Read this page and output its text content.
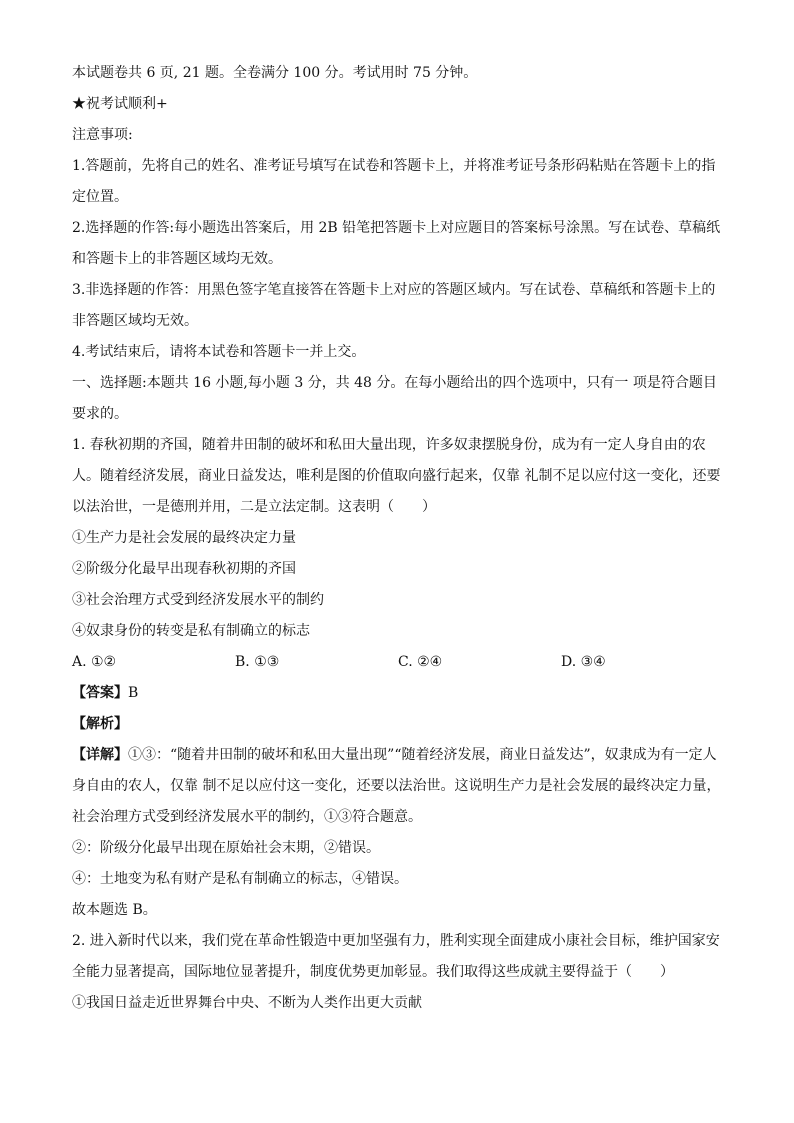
本试题卷共 6 页, 21 题。全卷满分 100 分。考试用时 75 分钟。
★祝考试顺利+
注意事项:
1.答题前，先将自己的姓名、准考证号填写在试卷和答题卡上，并将准考证号条形码粘贴在答题卡上的指定位置。
2.选择题的作答:每小题选出答案后，用 2B 铅笔把答题卡上对应题目的答案标号涂黑。写在试卷、草稿纸和答题卡上的非答题区域均无效。
3.非选择题的作答：用黑色签字笔直接答在答题卡上对应的答题区域内。写在试卷、草稿纸和答题卡上的非答题区域均无效。
4.考试结束后，请将本试卷和答题卡一并上交。
一、选择题:本题共 16 小题,每小题 3 分，共 48 分。在每小题给出的四个选项中，只有一 项是符合题目要求的。
1. 春秋初期的齐国，随着井田制的破坏和私田大量出现，许多奴隶摆脱身份，成为有一定人身自由的农人。随着经济发展，商业日益发达，唯利是图的价值取向盛行起来，仅靠 礼制不足以应付这一变化，还要以法治世，一是德刑并用，二是立法定制。这表明（　　）
①生产力是社会发展的最终决定力量
②阶级分化最早出现春秋初期的齐国
③社会治理方式受到经济发展水平的制约
④奴隶身份的转变是私有制确立的标志
A. ①②	B. ①③	C. ②④	D. ③④
【答案】B
【解析】
【详解】①③：“随着井田制的破坏和私田大量出现”“随着经济发展，商业日益发达”，奴隶成为有一定人身自由的农人，仅靠 制不足以应付这一变化，还要以法治世。这说明生产力是社会发展的最终决定力量，社会治理方式受到经济发展水平的制约，①③符合题意。
②：阶级分化最早出现在原始社会末期，②错误。
④：土地变为私有财产是私有制确立的标志，④错误。
故本题选 B。
2. 进入新时代以来，我们党在革命性锻造中更加坚强有力，胜利实现全面建成小康社会目标，维护国家安全能力显著提高，国际地位显著提升，制度优势更加彰显。我们取得这些成就主要得益于（　　）
①我国日益走近世界舞台中央、不断为人类作出更大贡献
